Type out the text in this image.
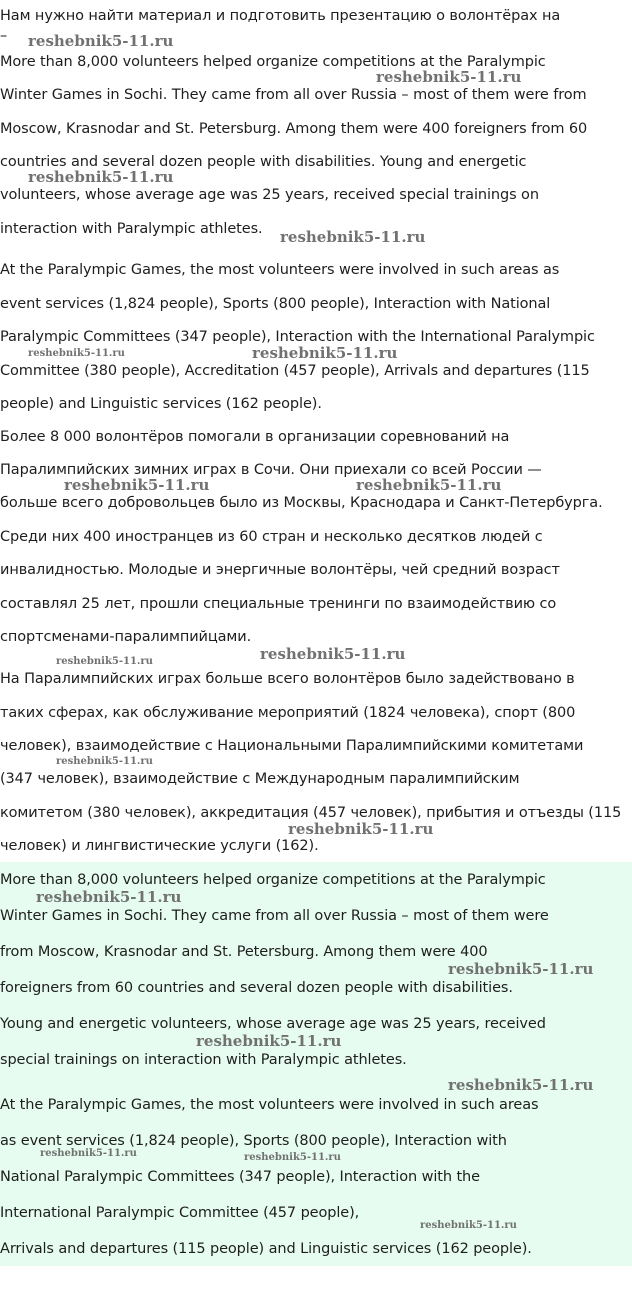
Нам нужно найти материал и подготовить презентацию о волонтёрах на
–
More than 8,000 volunteers helped organize competitions at the Paralympic
Winter Games in Sochi. They came from all over Russia – most of them were from
Moscow, Krasnodar and St. Petersburg. Among them were 400 foreigners from 60
countries and several dozen people with disabilities. Young and energetic
volunteers, whose average age was 25 years, received special trainings on
interaction with Paralympic athletes.
At the Paralympic Games, the most volunteers were involved in such areas as
event services (1,824 people), Sports (800 people), Interaction with National
Paralympic Committees (347 people), Interaction with the International Paralympic
Committee (380 people), Accreditation (457 people), Arrivals and departures (115
people) and Linguistic services (162 people).
Более 8 000 волонтёров помогали в организации соревнований на
Паралимпийских зимних играх в Сочи. Они приехали со всей России —
больше всего добровольцев было из Москвы, Краснодара и Санкт-Петербурга.
Среди них 400 иностранцев из 60 стран и несколько десятков людей с
инвалидностью. Молодые и энергичные волонтёры, чей средний возраст
составлял 25 лет, прошли специальные тренинги по взаимодействию со
спортсменами-паралимпийцами.
На Паралимпийских играх больше всего волонтёров было задействовано в
таких сферах, как обслуживание мероприятий (1824 человека), спорт (800
человек), взаимодействие с Национальными Паралимпийскими комитетами
(347 человек), взаимодействие с Международным паралимпийским
комитетом (380 человек), аккредитация (457 человек), прибытия и отъезды (115
человек) и лингвистические услуги (162).
More than 8,000 volunteers helped organize competitions at the Paralympic
Winter Games in Sochi. They came from all over Russia – most of them were
from Moscow, Krasnodar and St. Petersburg. Among them were 400
foreigners from 60 countries and several dozen people with disabilities.
Young and energetic volunteers, whose average age was 25 years, received
special trainings on interaction with Paralympic athletes.
At the Paralympic Games, the most volunteers were involved in such areas
as event services (1,824 people), Sports (800 people), Interaction with
National Paralympic Committees (347 people), Interaction with the
International Paralympic Committee (457 people),
Arrivals and departures (115 people) and Linguistic services (162 people).
reshebnik5-11.ru
reshebnik5-11.ru
reshebnik5-11.ru
reshebnik5-11.ru
reshebnik5-11.ru	reshebnik5-11.ru
reshebnik5-11.ru	reshebnik5-11.ru
reshebnik5-11.ru
reshebnik5-11.ru
reshebnik5-11.ru
reshebnik5-11.ru
reshebnik5-11.ru
reshebnik5-11.ru
reshebnik5-11.ru
reshebnik5-11.ru
reshebnik5-11.ru	reshebnik5-11.ru
reshebnik5-11.ru
